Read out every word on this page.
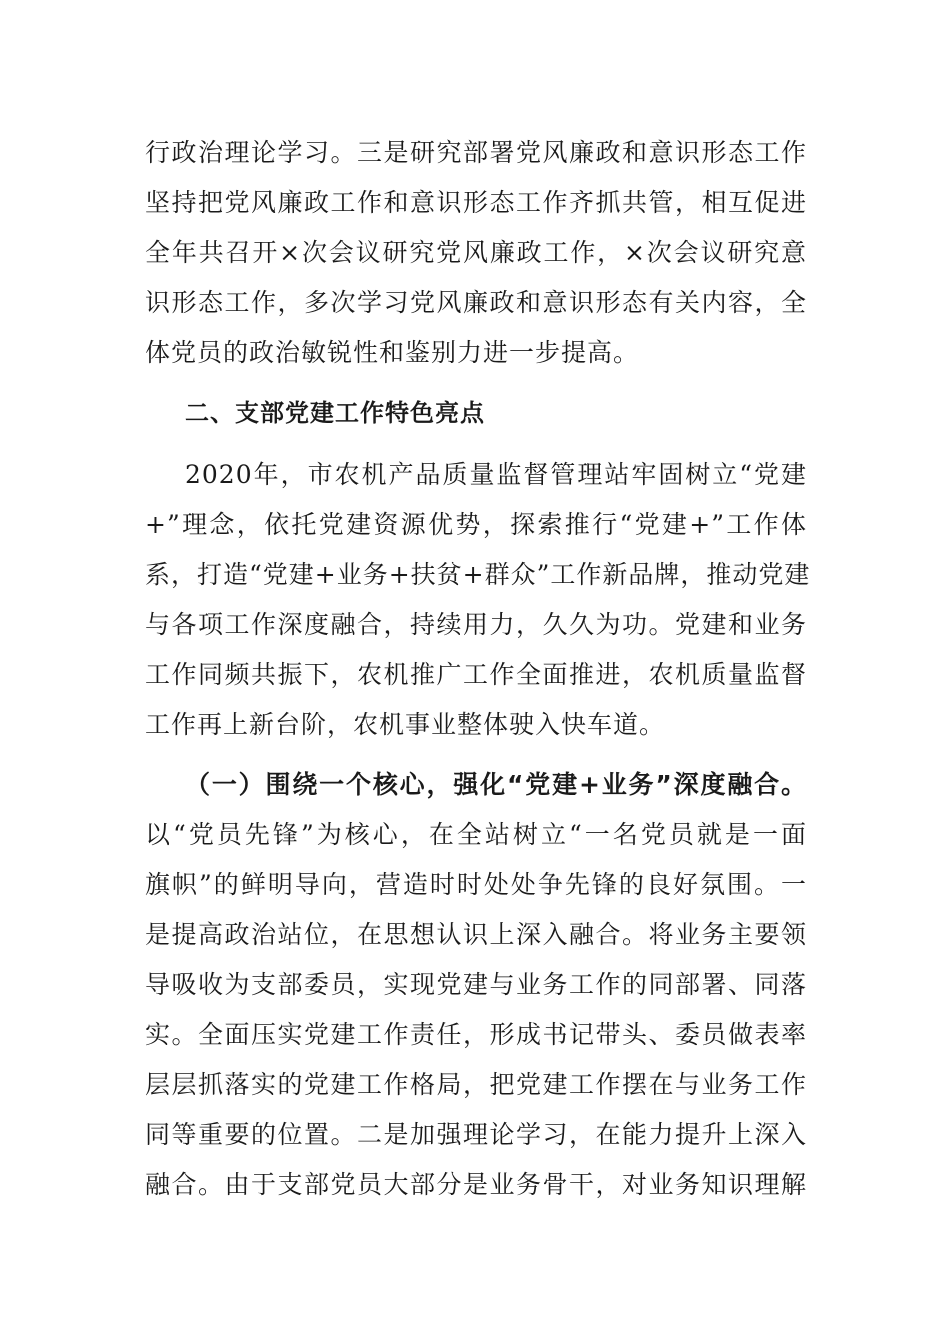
行政治理论学习。三是研究部署党风廉政和意识形态工作
坚持把党风廉政工作和意识形态工作齐抓共管，相互促进
全年共召开×次会议研究党风廉政工作，×次会议研究意
识形态工作，多次学习党风廉政和意识形态有关内容，全
体党员的政治敏锐性和鉴别力进一步提高。
二、支部党建工作特色亮点
2020年，市农机产品质量监督管理站牢固树立“党建
+”理念，依托党建资源优势，探索推行“党建+”工作体
系，打造“党建+业务+扶贫+群众”工作新品牌，推动党建
与各项工作深度融合，持续用力，久久为功。党建和业务
工作同频共振下，农机推广工作全面推进，农机质量监督
工作再上新台阶，农机事业整体驶入快车道。
（一）围绕一个核心，强化“党建+业务”深度融合。
以“党员先锋”为核心，在全站树立“一名党员就是一面
旗帜”的鲜明导向，营造时时处处争先锋的良好氛围。一
是提高政治站位，在思想认识上深入融合。将业务主要领
导吸收为支部委员，实现党建与业务工作的同部署、同落
实。全面压实党建工作责任，形成书记带头、委员做表率
层层抓落实的党建工作格局，把党建工作摆在与业务工作
同等重要的位置。二是加强理论学习，在能力提升上深入
融合。由于支部党员大部分是业务骨干，对业务知识理解
